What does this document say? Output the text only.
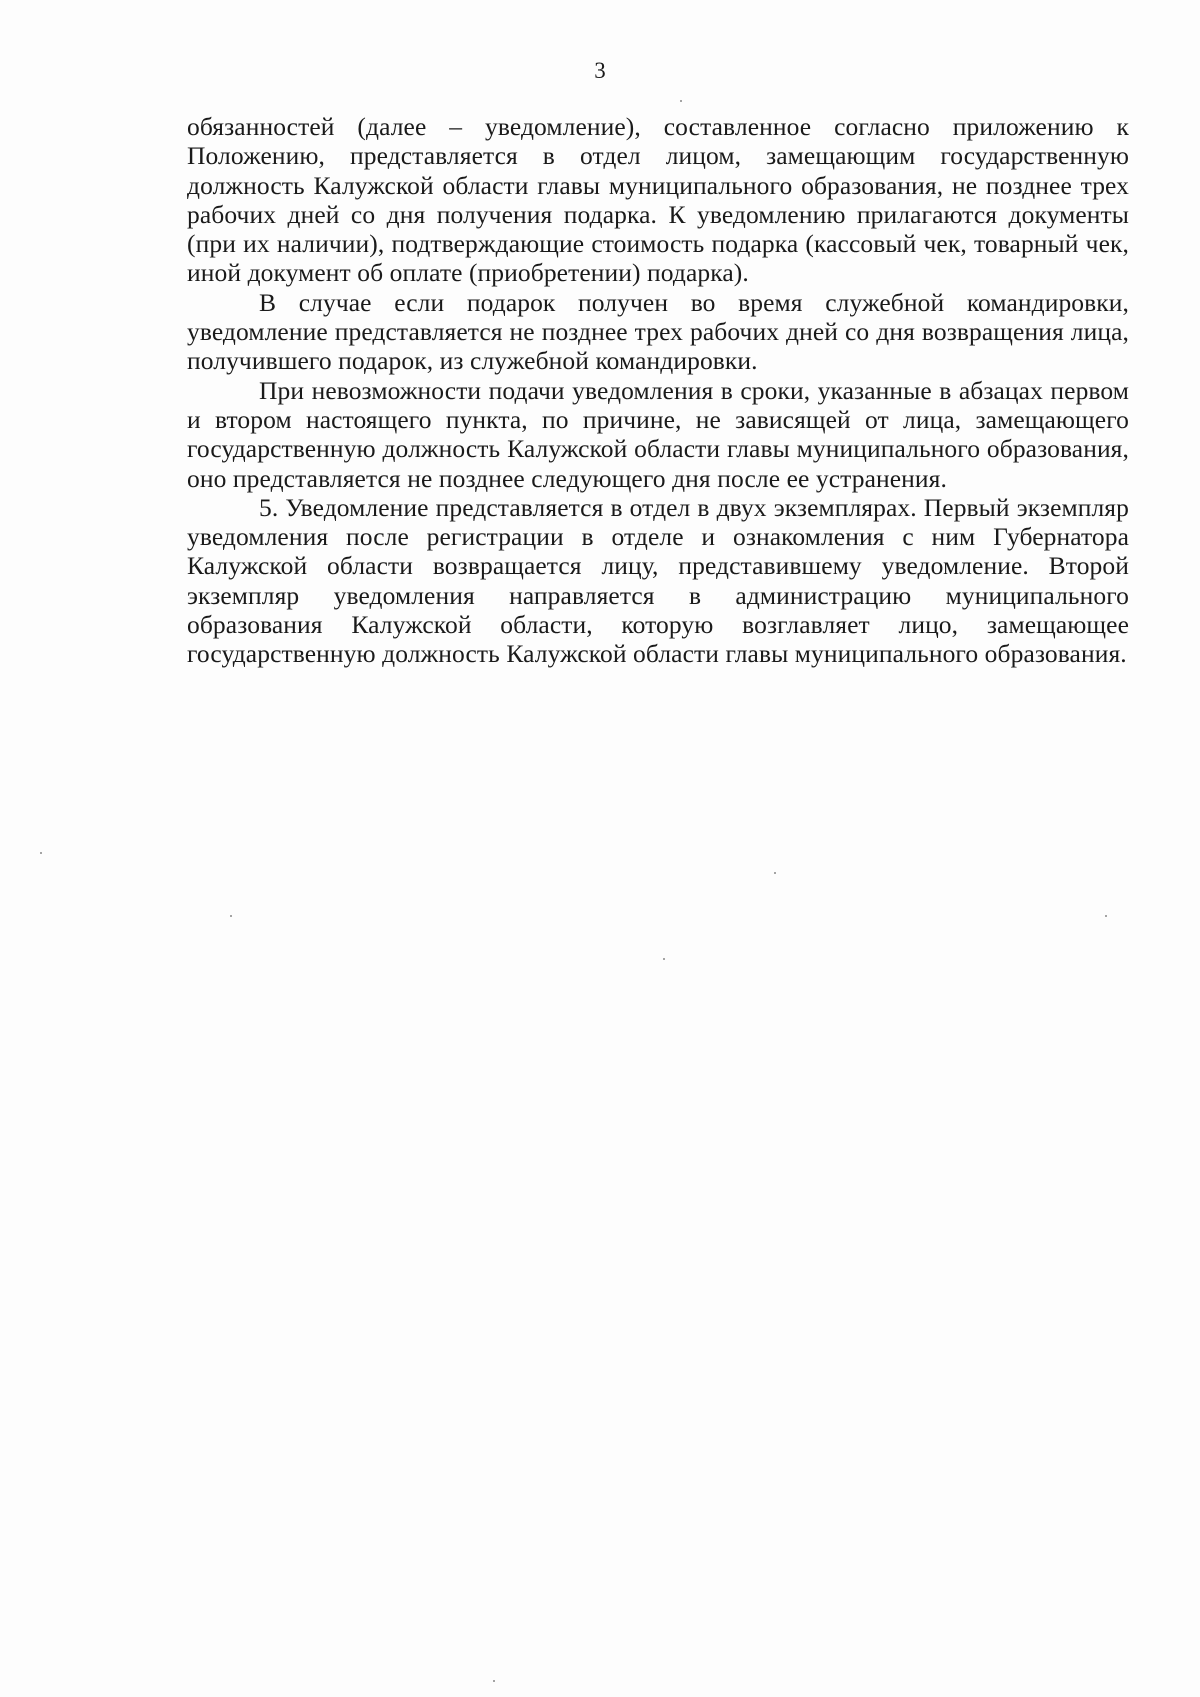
3

обязанностей (далее – уведомление), составленное согласно приложению к Положению, представляется в отдел лицом, замещающим государственную должность Калужской области главы муниципального образования, не позднее трех рабочих дней со дня получения подарка. К уведомлению прилагаются документы (при их наличии), подтверждающие стоимость подарка (кассовый чек, товарный чек, иной документ об оплате (приобретении) подарка).

В случае если подарок получен во время служебной командировки, уведомление представляется не позднее трех рабочих дней со дня возвращения лица, получившего подарок, из служебной командировки.

При невозможности подачи уведомления в сроки, указанные в абзацах первом и втором настоящего пункта, по причине, не зависящей от лица, замещающего государственную должность Калужской области главы муниципального образования, оно представляется не позднее следующего дня после ее устранения.

5. Уведомление представляется в отдел в двух экземплярах. Первый экземпляр уведомления после регистрации в отделе и ознакомления с ним Губернатора Калужской области возвращается лицу, представившему уведомление. Второй экземпляр уведомления направляется в администрацию муниципального образования Калужской области, которую возглавляет лицо, замещающее государственную должность Калужской области главы муниципального образования.
